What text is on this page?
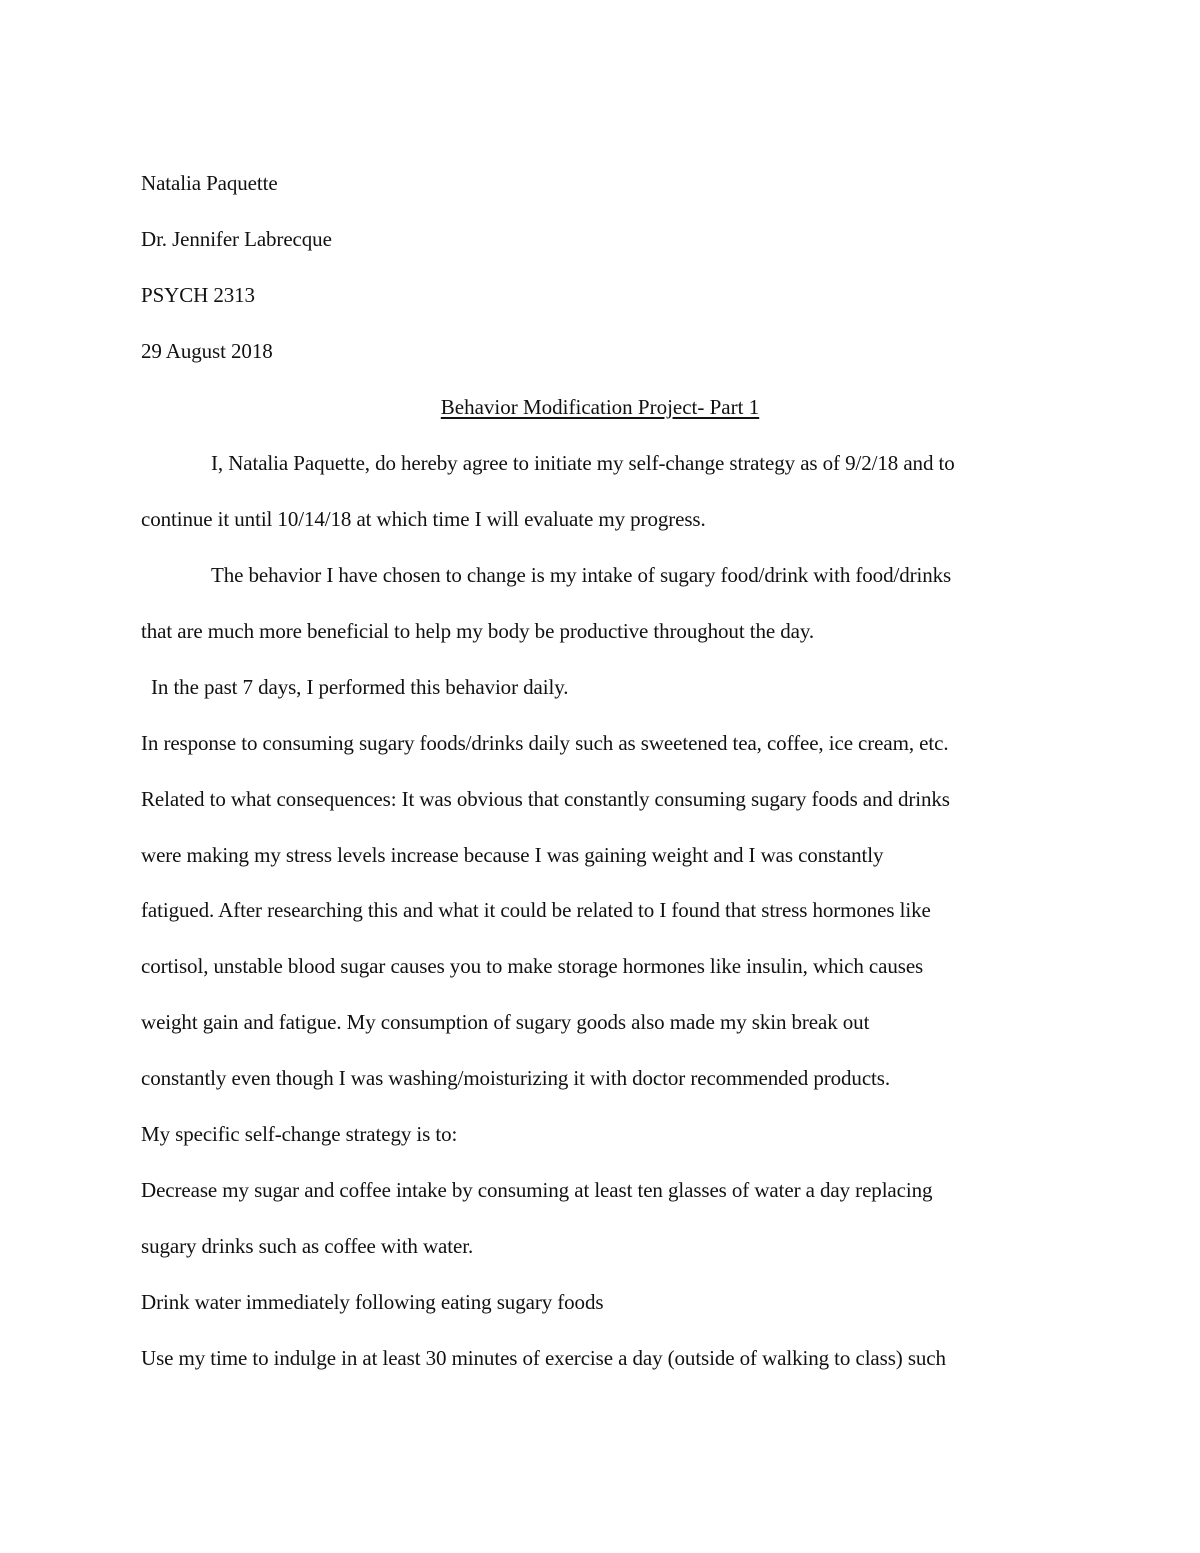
Natalia Paquette
Dr. Jennifer Labrecque
PSYCH 2313
29 August 2018
Behavior Modification Project- Part 1
I, Natalia Paquette, do hereby agree to initiate my self-change strategy as of 9/2/18 and to
continue it until 10/14/18 at which time I will evaluate my progress.
The behavior I have chosen to change is my intake of sugary food/drink with food/drinks
that are much more beneficial to help my body be productive throughout the day.
In the past 7 days, I performed this behavior daily.
In response to consuming sugary foods/drinks daily such as sweetened tea, coffee, ice cream, etc.
Related to what consequences: It was obvious that constantly consuming sugary foods and drinks
were making my stress levels increase because I was gaining weight and I was constantly
fatigued. After researching this and what it could be related to I found that stress hormones like
cortisol, unstable blood sugar causes you to make storage hormones like insulin, which causes
weight gain and fatigue. My consumption of sugary goods also made my skin break out
constantly even though I was washing/moisturizing it with doctor recommended products.
My specific self-change strategy is to:
Decrease my sugar and coffee intake by consuming at least ten glasses of water a day replacing
sugary drinks such as coffee with water.
Drink water immediately following eating sugary foods
Use my time to indulge in at least 30 minutes of exercise a day (outside of walking to class) such
